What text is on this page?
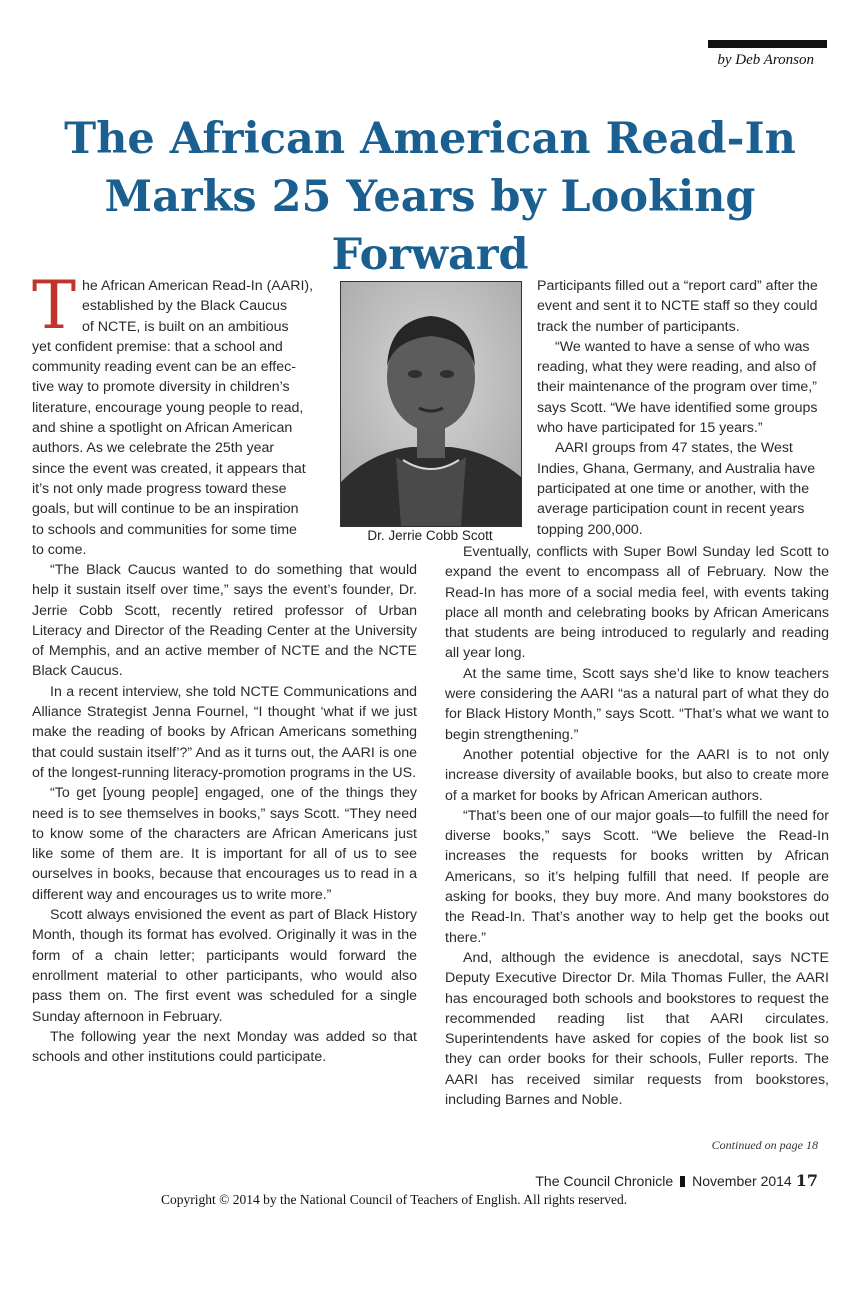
by Deb Aronson
The African American Read-In
Marks 25 Years by Looking Forward
T he African American Read-In (AARI),
established by the Black Caucus
of NCTE, is built on an ambitious
yet confident premise: that a school and
community reading event can be an effec-
tive way to promote diversity in children’s
literature, encourage young people to read,
and shine a spotlight on African American
authors. As we celebrate the 25th year
since the event was created, it appears that
it’s not only made progress toward these
goals, but will continue to be an inspiration
to schools and communities for some time
to come.
Dr. Jerrie Cobb Scott

Participants filled out a “report card” after the event and sent it to NCTE staff so they could track the number of participants.

“We wanted to have a sense of who was reading, what they were reading, and also of their maintenance of the program over time,” says Scott. “We have identified some groups who have participated for 15 years.”

AARI groups from 47 states, the West Indies, Ghana, Germany, and Australia have participated at one time or another, with the average participation count in recent years topping 200,000.

“The Black Caucus wanted to do something that would help it sustain itself over time,” says the event’s founder, Dr. Jerrie Cobb Scott, recently retired professor of Urban Literacy and Director of the Reading Center at the University of Memphis, and an active member of NCTE and the NCTE Black Caucus.

In a recent interview, she told NCTE Communications and Alliance Strategist Jenna Fournel, “I thought ‘what if we just make the reading of books by African Americans something that could sustain itself’?” And as it turns out, the AARI is one of the longest-running literacy-promotion programs in the US.

“To get [young people] engaged, one of the things they need is to see themselves in books,” says Scott. “They need to know some of the characters are African Americans just like some of them are. It is important for all of us to see ourselves in books, because that encourages us to read in a different way and encourages us to write more.”

Scott always envisioned the event as part of Black History Month, though its format has evolved. Originally it was in the form of a chain letter; participants would forward the enrollment material to other participants, who would also pass them on. The first event was scheduled for a single Sunday afternoon in February.

The following year the next Monday was added so that schools and other institutions could participate.

Eventually, conflicts with Super Bowl Sunday led Scott to expand the event to encompass all of February. Now the Read-In has more of a social media feel, with events taking place all month and celebrating books by African Americans that students are being introduced to regularly and reading all year long.

At the same time, Scott says she’d like to know teachers were considering the AARI “as a natural part of what they do for Black History Month,” says Scott. “That’s what we want to begin strengthening.”

Another potential objective for the AARI is to not only increase diversity of available books, but also to create more of a market for books by African American authors.

“That’s been one of our major goals—to fulfill the need for diverse books,” says Scott. “We believe the Read-In increases the requests for books written by African Americans, so it’s helping fulfill that need. If people are asking for books, they buy more. And many bookstores do the Read-In. That’s another way to help get the books out there.”

And, although the evidence is anecdotal, says NCTE Deputy Executive Director Dr. Mila Thomas Fuller, the AARI has encouraged both schools and bookstores to request the recommended reading list that AARI circulates. Superintendents have asked for copies of the book list so they can order books for their schools, Fuller reports. The AARI has received similar requests from bookstores, including Barnes and Noble.

Continued on page 18
The Council Chronicle November 2014 17
Copyright © 2014 by the National Council of Teachers of English. All rights reserved.
